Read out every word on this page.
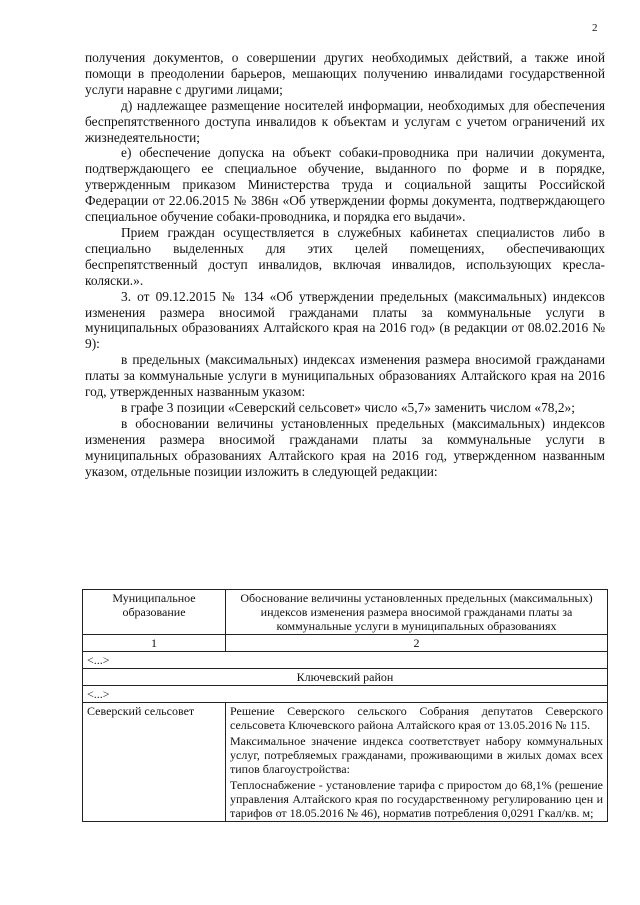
2

получения документов, о совершении других необходимых действий, а также иной помощи в преодолении барьеров, мешающих получению инвалидами государственной услуги наравне с другими лицами;

д) надлежащее размещение носителей информации, необходимых для обеспечения беспрепятственного доступа инвалидов к объектам и услугам с учетом ограничений их жизнедеятельности;

е) обеспечение допуска на объект собаки-проводника при наличии документа, подтверждающего ее специальное обучение, выданного по форме и в порядке, утвержденным приказом Министерства труда и социальной защиты Российской Федерации от 22.06.2015 № 386н «Об утверждении формы документа, подтверждающего специальное обучение собаки-проводника, и порядка его выдачи».

Прием граждан осуществляется в служебных кабинетах специалистов либо в специально выделенных для этих целей помещениях, обеспечивающих беспрепятственный доступ инвалидов, включая инвалидов, использующих кресла-коляски.».

3. от 09.12.2015 № 134 «Об утверждении предельных (максимальных) индексов изменения размера вносимой гражданами платы за коммунальные услуги в муниципальных образованиях Алтайского края на 2016 год» (в редакции от 08.02.2016 № 9):

в предельных (максимальных) индексах изменения размера вносимой гражданами платы за коммунальные услуги в муниципальных образованиях Алтайского края на 2016 год, утвержденных названным указом:

в графе 3 позиции «Северский сельсовет» число «5,7» заменить числом «78,2»;

в обосновании величины установленных предельных (максимальных) индексов изменения размера вносимой гражданами платы за коммунальные услуги в муниципальных образованиях Алтайского края на 2016 год, утвержденном названным указом, отдельные позиции изложить в следующей редакции:

Муниципальное образование	Обоснование величины установленных предельных (максимальных) индексов изменения размера вносимой гражданами платы за коммунальные услуги в муниципальных образованиях
1	2
<...>	
Ключевский район	
<...>	
Северский сельсовет	Решение Северского сельского Собрания депутатов Северского сельсовета Ключевского района Алтайского края от 13.05.2016 № 115.

Максимальное значение индекса соответствует набору коммунальных услуг, потребляемых гражданами, проживающими в жилых домах всех типов благоустройства:

Теплоснабжение - установление тарифа с приростом до 68,1% (решение управления Алтайского края по государственному регулированию цен и тарифов от 18.05.2016 № 46), норматив потребления 0,0291 Гкал/кв. м;
